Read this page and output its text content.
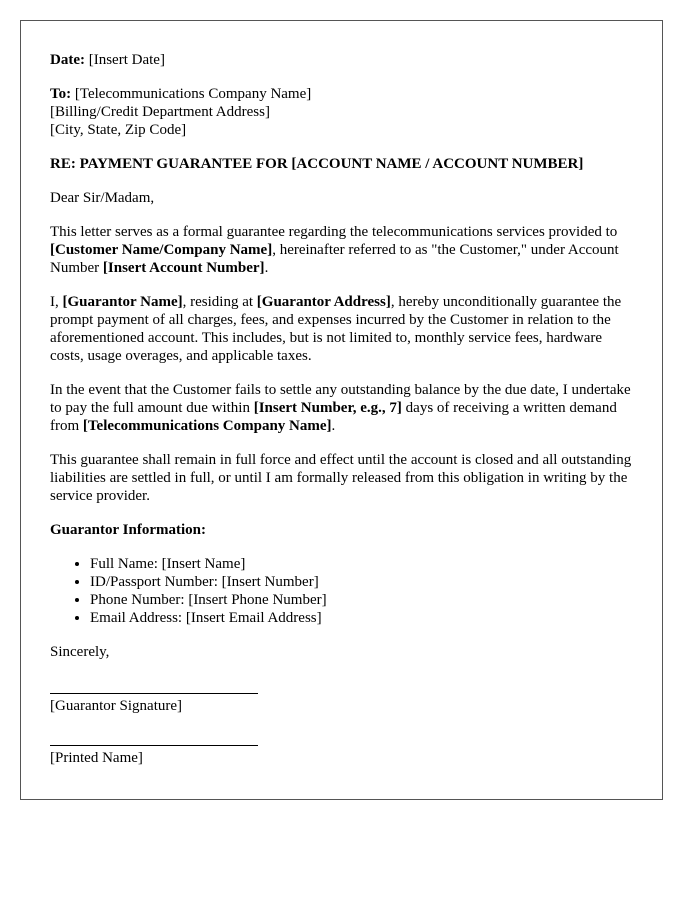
Date: [Insert Date]

To: [Telecommunications Company Name]
[Billing/Credit Department Address]
[City, State, Zip Code]

RE: PAYMENT GUARANTEE FOR [ACCOUNT NAME / ACCOUNT NUMBER]

Dear Sir/Madam,

This letter serves as a formal guarantee regarding the telecommunications services provided to [Customer Name/Company Name], hereinafter referred to as "the Customer," under Account Number [Insert Account Number].

I, [Guarantor Name], residing at [Guarantor Address], hereby unconditionally guarantee the prompt payment of all charges, fees, and expenses incurred by the Customer in relation to the aforementioned account. This includes, but is not limited to, monthly service fees, hardware costs, usage overages, and applicable taxes.

In the event that the Customer fails to settle any outstanding balance by the due date, I undertake to pay the full amount due within [Insert Number, e.g., 7] days of receiving a written demand from [Telecommunications Company Name].

This guarantee shall remain in full force and effect until the account is closed and all outstanding liabilities are settled in full, or until I am formally released from this obligation in writing by the service provider.

Guarantor Information:

• Full Name: [Insert Name]
• ID/Passport Number: [Insert Number]
• Phone Number: [Insert Phone Number]
• Email Address: [Insert Email Address]
Sincerely,
[Guarantor Signature]
[Printed Name]
